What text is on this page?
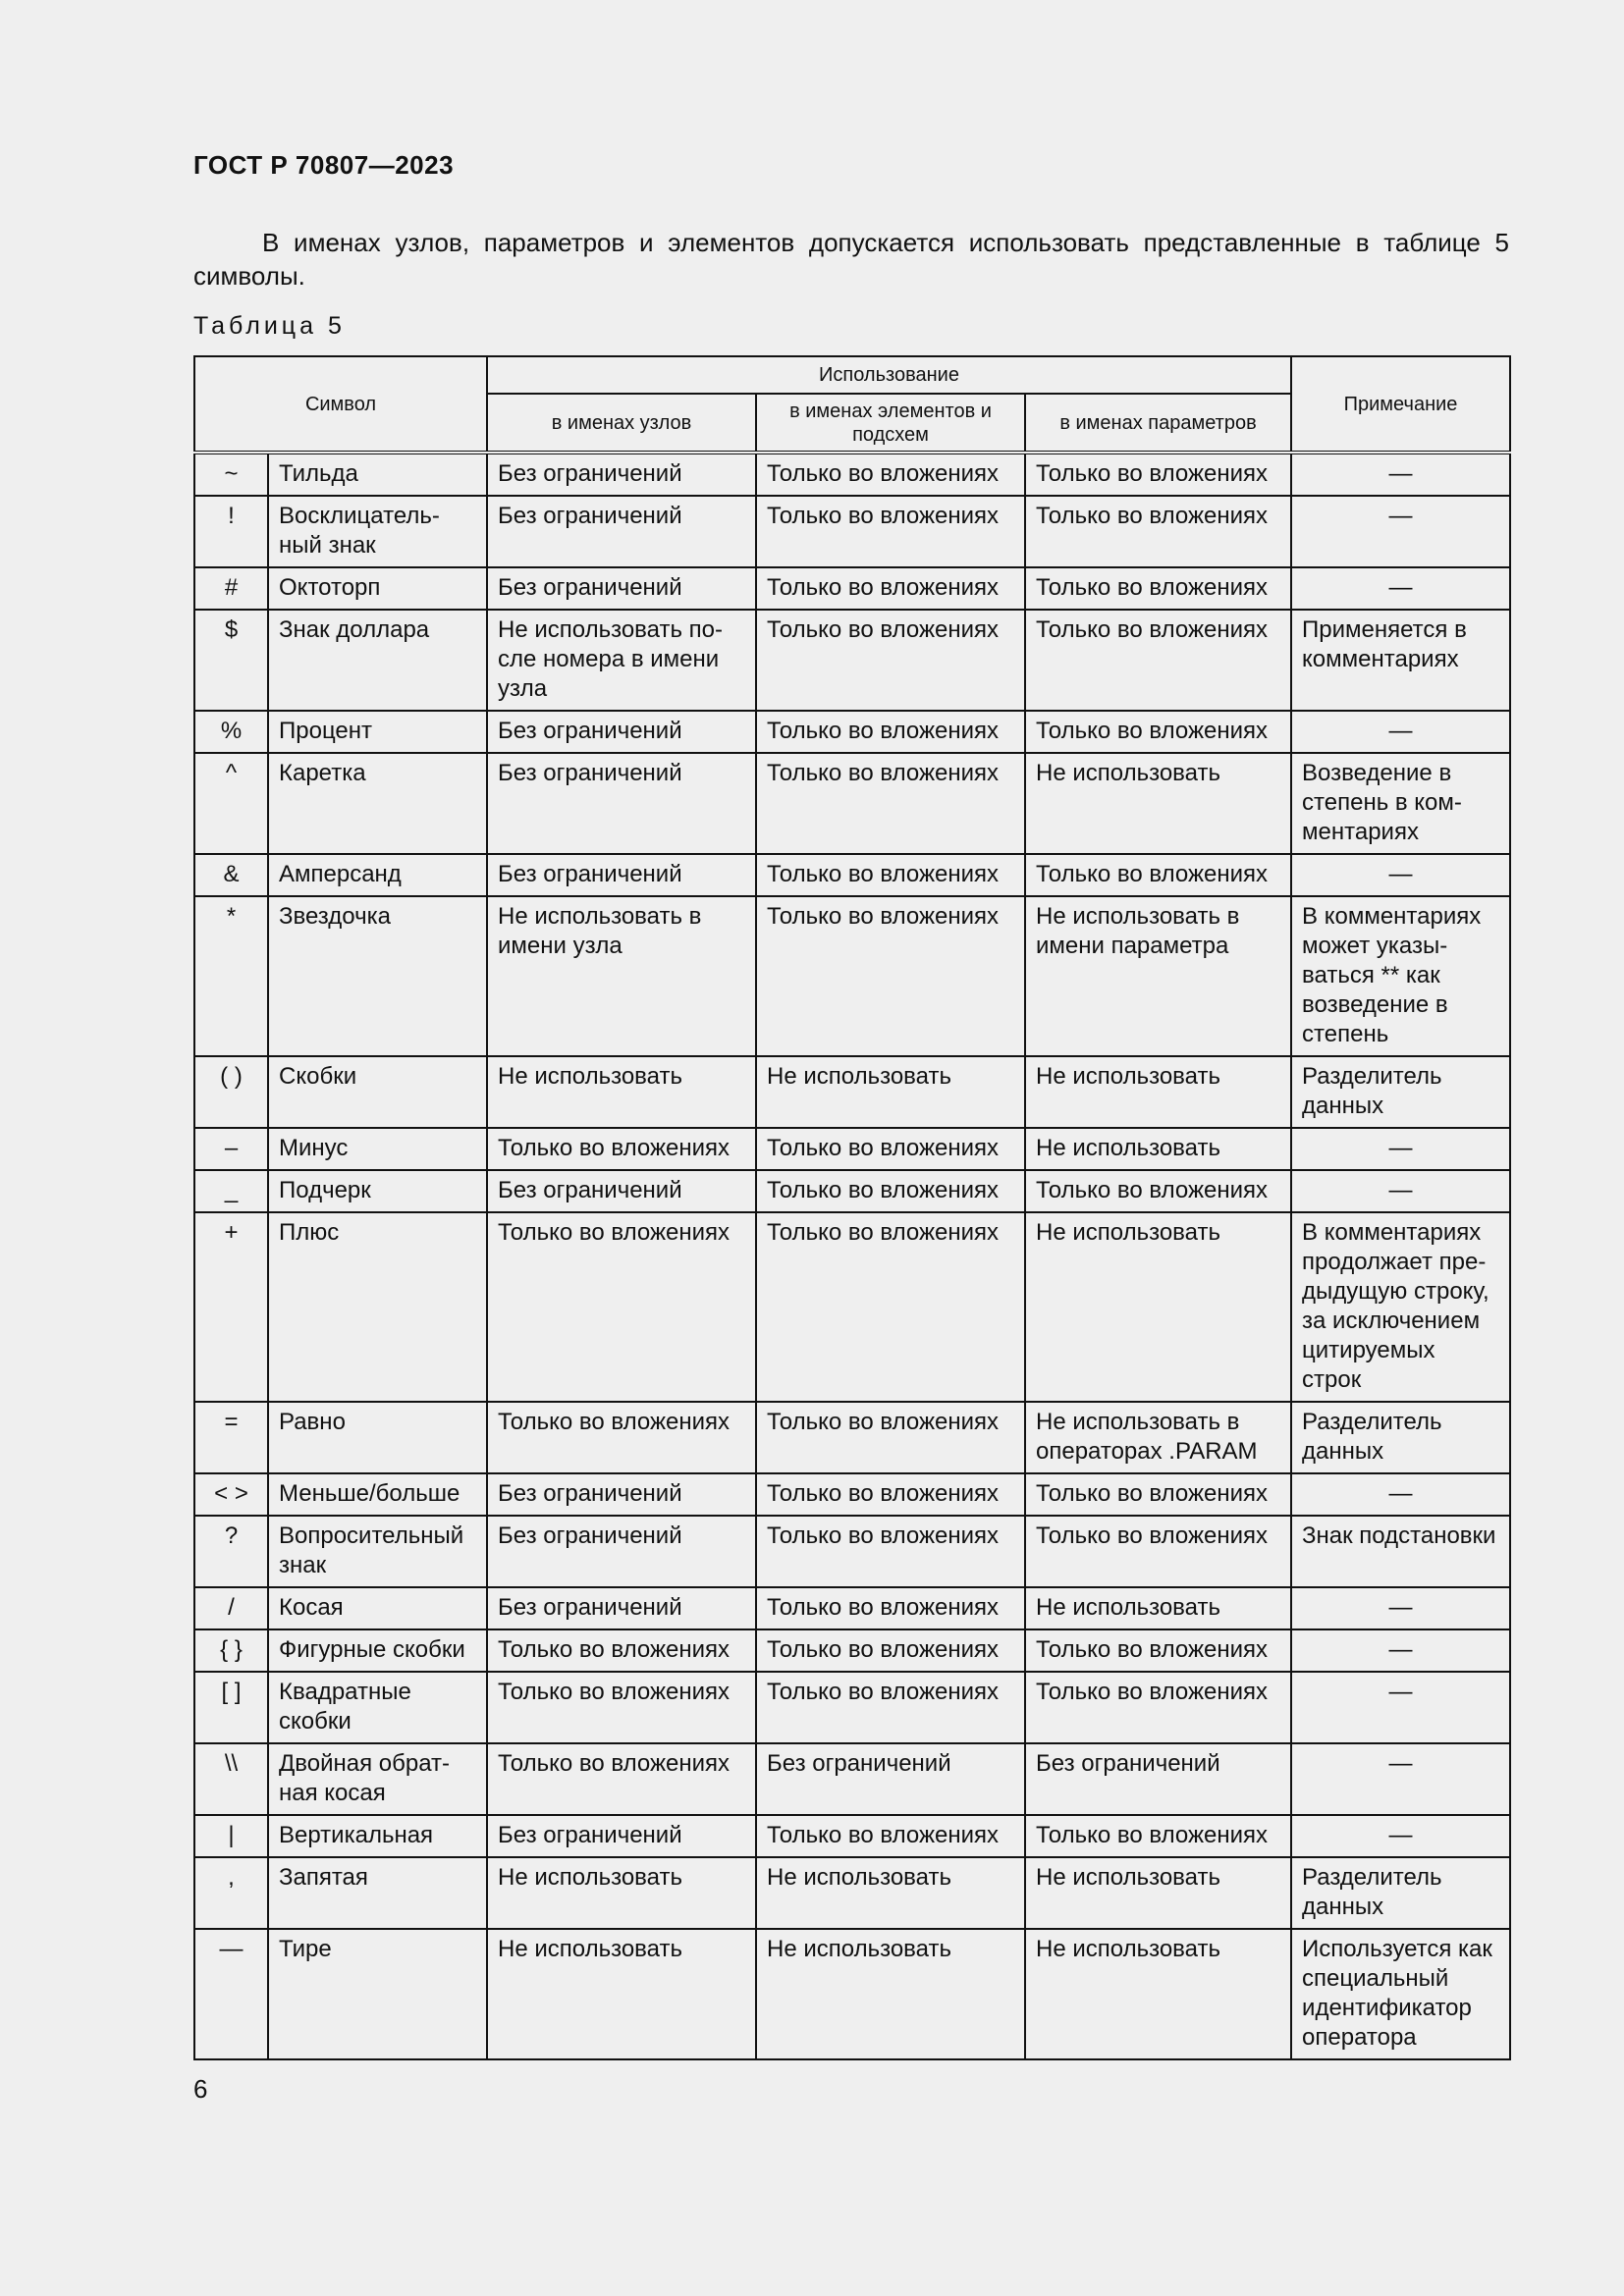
ГОСТ Р 70807—2023
В именах узлов, параметров и элементов допускается использовать представленные в таблице 5 символы.
Таблица 5
Символ		Использование			Примечание
		в именах узлов	в именах элементов и подсхем	в именах параметров	
~	Тильда	Без ограничений	Только во вложениях	Только во вложениях	—
!	Восклицатель-ный знак	Без ограничений	Только во вложениях	Только во вложениях	—
#	Октоторп	Без ограничений	Только во вложениях	Только во вложениях	—
$	Знак доллара	Не использовать по-сле номера в имени узла	Только во вложениях	Только во вложениях	Применяется в комментариях
%	Процент	Без ограничений	Только во вложениях	Только во вложениях	—
^	Каретка	Без ограничений	Только во вложениях	Не использовать	Возведение в степень в ком-ментариях
&	Амперсанд	Без ограничений	Только во вложениях	Только во вложениях	—
*	Звездочка	Не использовать в имени узла	Только во вложениях	Не использовать в имени параметра	В комментариях может указы-ваться ** как возведение в степень
( )	Скобки	Не использовать	Не использовать	Не использовать	Разделитель данных
–	Минус	Только во вложениях	Только во вложениях	Не использовать	—
_	Подчерк	Без ограничений	Только во вложениях	Только во вложениях	—
+	Плюс	Только во вложениях	Только во вложениях	Не использовать	В комментариях продолжает пре-дыдущую строку, за исключением цитируемых строк
=	Равно	Только во вложениях	Только во вложениях	Не использовать в операторах .PARAM	Разделитель данных
< >	Меньше/больше	Без ограничений	Только во вложениях	Только во вложениях	—
?	Вопросительный знак	Без ограничений	Только во вложениях	Только во вложениях	Знак подстановки
/	Косая	Без ограничений	Только во вложениях	Не использовать	—
{ }	Фигурные скобки	Только во вложениях	Только во вложениях	Только во вложениях	—
[ ]	Квадратные скобки	Только во вложениях	Только во вложениях	Только во вложениях	—
\\	Двойная обрат-ная косая	Только во вложениях	Без ограничений	Без ограничений	—
|	Вертикальная	Без ограничений	Только во вложениях	Только во вложениях	—
,	Запятая	Не использовать	Не использовать	Не использовать	Разделитель данных
—	Тире	Не использовать	Не использовать	Не использовать	Используется как специальный идентификатор оператора
6
